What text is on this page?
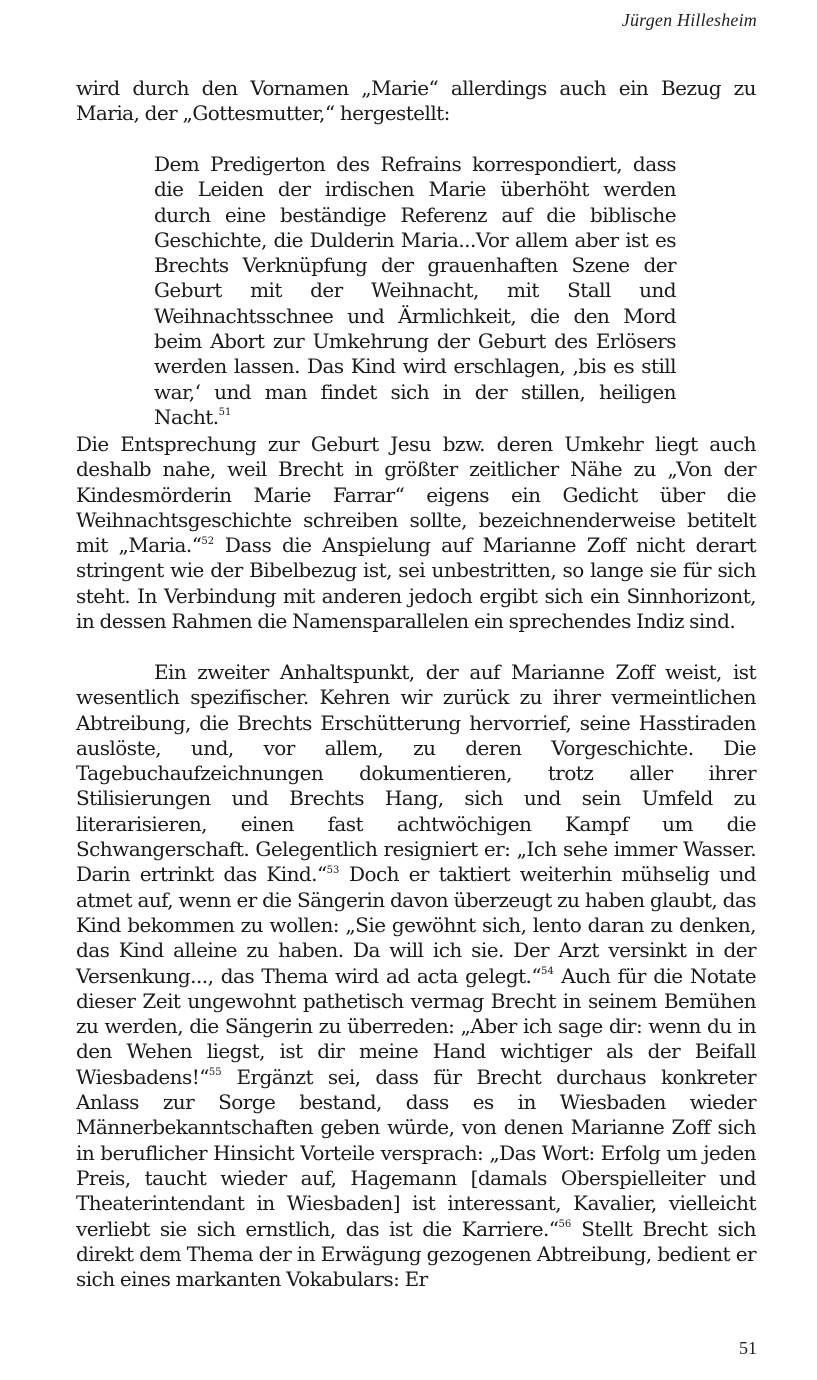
Jürgen Hillesheim

wird durch den Vornamen „Marie“ allerdings auch ein Bezug zu Maria, der „Gottesmutter,“ hergestellt:

Dem Predigerton des Refrains korrespondiert, dass die Leiden der irdischen Marie überhöht werden durch eine beständige Referenz auf die biblische Geschichte, die Dulderin Maria...Vor allem aber ist es Brechts Verknüpfung der grauenhaften Szene der Geburt mit der Weihnacht, mit Stall und Weihnachtsschnee und Ärmlichkeit, die den Mord beim Abort zur Umkehrung der Geburt des Erlösers werden lassen. Das Kind wird erschlagen, ‚bis es still war,‘ und man findet sich in der stillen, heiligen Nacht.$^{51}$

Die Entsprechung zur Geburt Jesu bzw. deren Umkehr liegt auch deshalb nahe, weil Brecht in größter zeitlicher Nähe zu „Von der Kindesmörderin Marie Farrar“ eigens ein Gedicht über die Weihnachtsgeschichte schreiben sollte, bezeichnenderweise betitelt mit „Maria.“$^{52}$ Dass die Anspielung auf Marianne Zoff nicht derart stringent wie der Bibelbezug ist, sei unbestritten, so lange sie für sich steht. In Verbindung mit anderen jedoch ergibt sich ein Sinnhorizont, in dessen Rahmen die Namensparallelen ein sprechendes Indiz sind.

Ein zweiter Anhaltspunkt, der auf Marianne Zoff weist, ist wesentlich spezifischer. Kehren wir zurück zu ihrer vermeintlichen Abtreibung, die Brechts Erschütterung hervorrief, seine Hasstiraden auslöste, und, vor allem, zu deren Vorgeschichte. Die Tagebuchaufzeichnungen dokumentieren, trotz aller ihrer Stilisierungen und Brechts Hang, sich und sein Umfeld zu literarisieren, einen fast achtwöchigen Kampf um die Schwangerschaft. Gelegentlich resigniert er: „Ich sehe immer Wasser. Darin ertrinkt das Kind.“$^{53}$ Doch er taktiert weiterhin mühselig und atmet auf, wenn er die Sängerin davon überzeugt zu haben glaubt, das Kind bekommen zu wollen: „Sie gewöhnt sich, lento daran zu denken, das Kind alleine zu haben. Da will ich sie. Der Arzt versinkt in der Versenkung..., das Thema wird ad acta gelegt.“$^{54}$ Auch für die Notate dieser Zeit ungewohnt pathetisch vermag Brecht in seinem Bemühen zu werden, die Sängerin zu überreden: „Aber ich sage dir: wenn du in den Wehen liegst, ist dir meine Hand wichtiger als der Beifall Wiesbadens!“$^{55}$ Ergänzt sei, dass für Brecht durchaus konkreter Anlass zur Sorge bestand, dass es in Wiesbaden wieder Männerbekanntschaften geben würde, von denen Marianne Zoff sich in beruflicher Hinsicht Vorteile versprach: „Das Wort: Erfolg um jeden Preis, taucht wieder auf, Hagemann [damals Oberspielleiter und Theaterintendant in Wiesbaden] ist interessant, Kavalier, vielleicht verliebt sie sich ernstlich, das ist die Karriere.“$^{56}$ Stellt Brecht sich direkt dem Thema der in Erwägung gezogenen Abtreibung, bedient er sich eines markanten Vokabulars: Er

51
